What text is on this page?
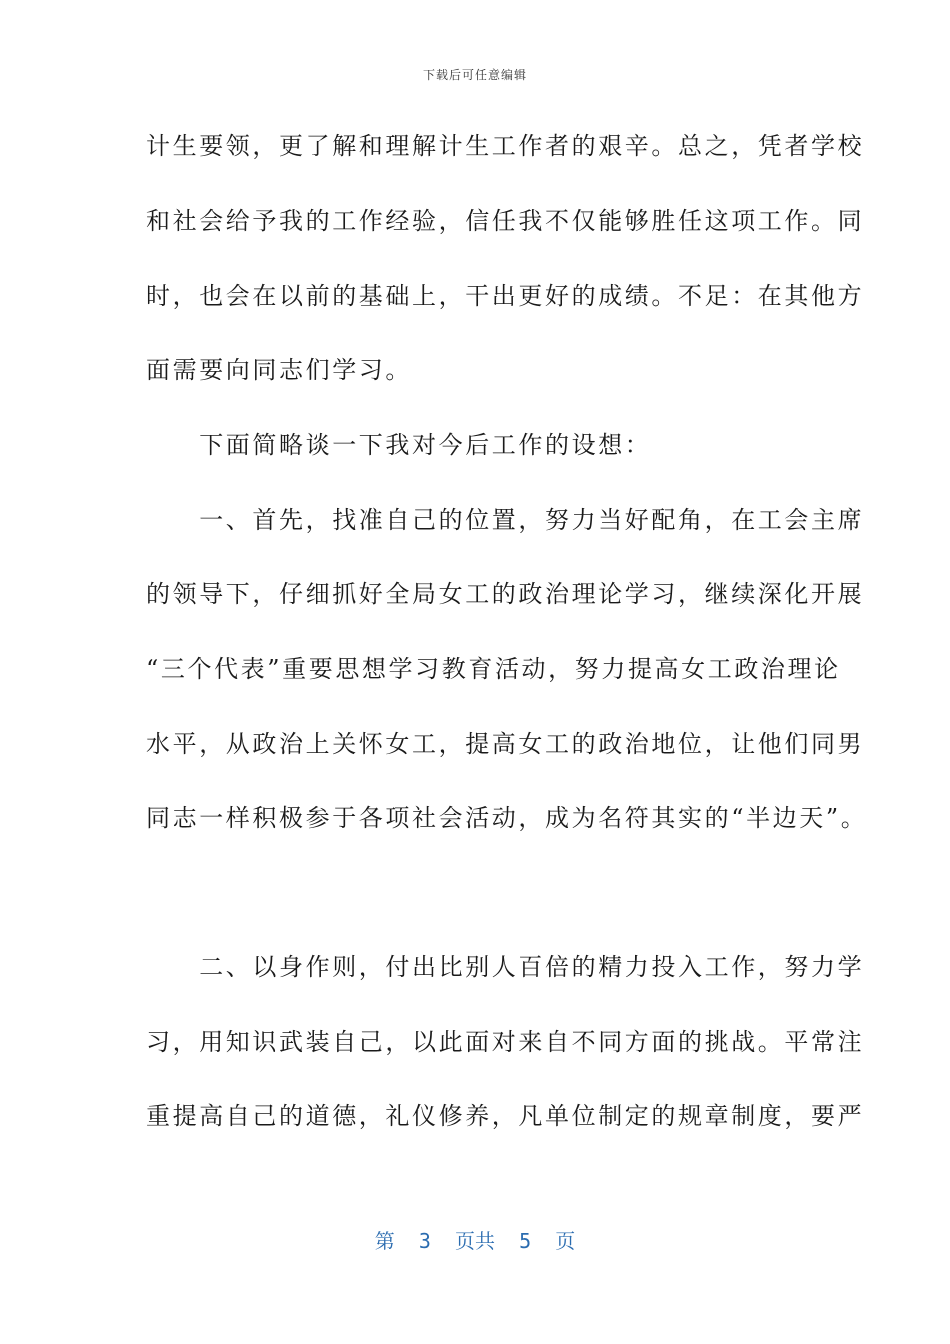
下载后可任意编辑
计生要领，更了解和理解计生工作者的艰辛。总之，凭者学校
和社会给予我的工作经验，信任我不仅能够胜任这项工作。同
时，也会在以前的基础上，干出更好的成绩。不足：在其他方
面需要向同志们学习。
　　下面简略谈一下我对今后工作的设想：
　　一、首先，找准自己的位置，努力当好配角，在工会主席
的领导下，仔细抓好全局女工的政治理论学习，继续深化开展
“三个代表”重要思想学习教育活动，努力提高女工政治理论
水平，从政治上关怀女工，提高女工的政治地位，让他们同男
同志一样积极参于各项社会活动，成为名符其实的“半边天”。
　　二、以身作则，付出比别人百倍的精力投入工作，努力学
习，用知识武装自己，以此面对来自不同方面的挑战。平常注
重提高自己的道德，礼仪修养，凡单位制定的规章制度，要严
第  3  页共  5  页
